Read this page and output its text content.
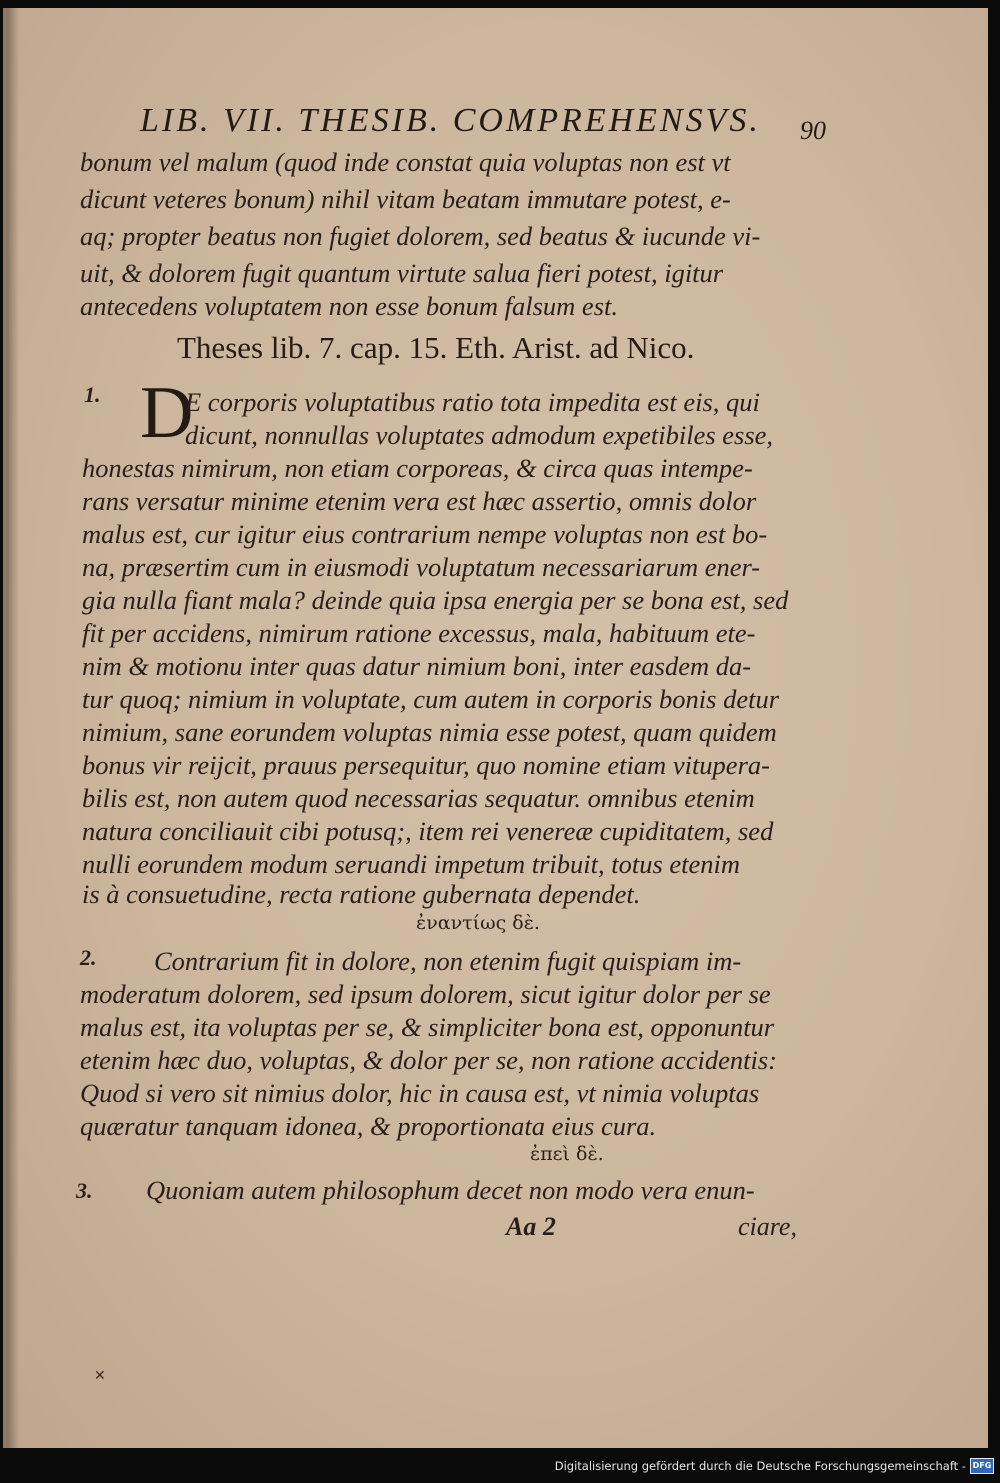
LIB. VII. THESIB. COMPREHENSVS. 90
bonum vel malum (quod inde constat quia voluptas non est vt
dicunt veteres bonum) nihil vitam beatam immutare potest, e-
aq; propter beatus non fugiet dolorem, sed beatus & iucunde vi-
uit, & dolorem fugit quantum virtute salua fieri potest, igitur
antecedens voluptatem non esse bonum falsum est.
Theses lib. 7. cap. 15. Eth. Arist. ad Nico.
1. D
E corporis voluptatibus ratio tota impedita est eis, qui
dicunt, nonnullas voluptates admodum expetibiles esse,
honestas nimirum, non etiam corporeas, & circa quas intempe-
rans versatur minime etenim vera est hæc assertio, omnis dolor
malus est, cur igitur eius contrarium nempe voluptas non est bo-
na, præsertim cum in eiusmodi voluptatum necessariarum ener-
gia nulla fiant mala? deinde quia ipsa energia per se bona est, sed
fit per accidens, nimirum ratione excessus, mala, habituum ete-
nim & motionu inter quas datur nimium boni, inter easdem da-
tur quoq; nimium in voluptate, cum autem in corporis bonis detur
nimium, sane eorundem voluptas nimia esse potest, quam quidem
bonus vir reijcit, prauus persequitur, quo nomine etiam vitupera-
bilis est, non autem quod necessarias sequatur. omnibus etenim
natura conciliauit cibi potusq;, item rei venereæ cupiditatem, sed
nulli eorundem modum seruandi impetum tribuit, totus etenim
is à consuetudine, recta ratione gubernata dependet.
ἐναντίως δὲ.
2. Contrarium fit in dolore, non etenim fugit quispiam im-
moderatum dolorem, sed ipsum dolorem, sicut igitur dolor per se
malus est, ita voluptas per se, & simpliciter bona est, opponuntur
etenim hæc duo, voluptas, & dolor per se, non ratione accidentis:
Quod si vero sit nimius dolor, hic in causa est, vt nimia voluptas
quæratur tanquam idonea, & proportionata eius cura.
ἐπεὶ δὲ.
3. Quoniam autem philosophum decet non modo vera enun-
Aa 2	ciare,
✕
Digitalisierung gefördert durch die Deutsche Forschungsgemeinschaft - DFG
